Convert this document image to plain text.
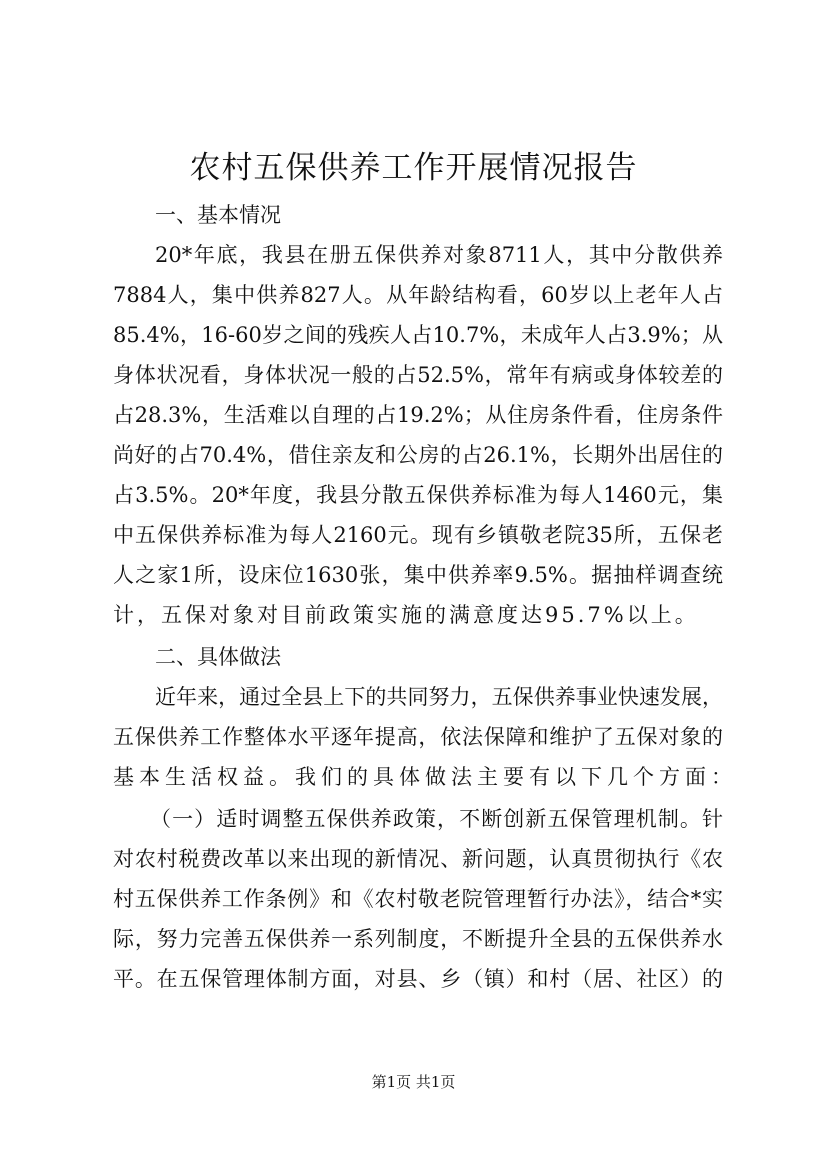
农村五保供养工作开展情况报告
一、基本情况
20*年底，我县在册五保供养对象8711人，其中分散供养
7884人，集中供养827人。从年龄结构看，60岁以上老年人占
85.4%，16-60岁之间的残疾人占10.7%，未成年人占3.9%；从
身体状况看，身体状况一般的占52.5%，常年有病或身体较差的
占28.3%，生活难以自理的占19.2%；从住房条件看，住房条件
尚好的占70.4%，借住亲友和公房的占26.1%，长期外出居住的
占3.5%。20*年度，我县分散五保供养标准为每人1460元，集
中五保供养标准为每人2160元。现有乡镇敬老院35所，五保老
人之家1所，设床位1630张，集中供养率9.5%。据抽样调查统
计，五保对象对目前政策实施的满意度达95.7%以上。
二、具体做法
近年来，通过全县上下的共同努力，五保供养事业快速发展，
五保供养工作整体水平逐年提高，依法保障和维护了五保对象的
基本生活权益。我们的具体做法主要有以下几个方面：
（一）适时调整五保供养政策，不断创新五保管理机制。针
对农村税费改革以来出现的新情况、新问题，认真贯彻执行《农
村五保供养工作条例》和《农村敬老院管理暂行办法》，结合*实
际，努力完善五保供养一系列制度，不断提升全县的五保供养水
平。在五保管理体制方面，对县、乡（镇）和村（居、社区）的
第1页 共1页
